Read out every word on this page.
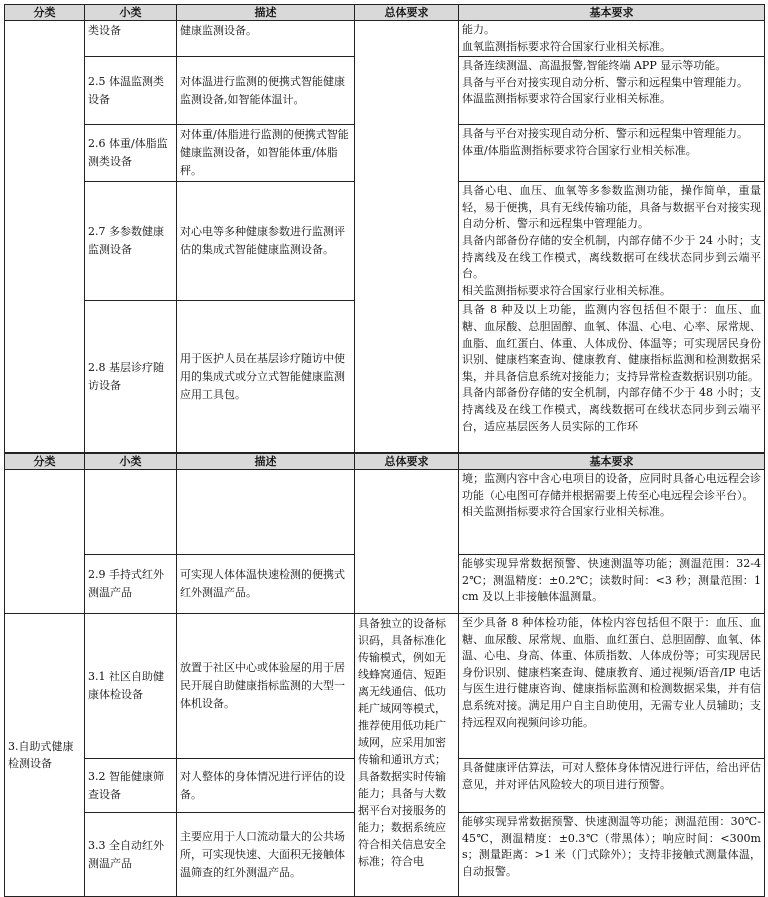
分类	小类	描述	总体要求	基本要求
	类设备	健康监测设备。		能力。
血氧监测指标要求符合国家行业相关标准。

	2.5 体温监测类设备	对体温进行监测的便携式智能健康监测设备,如智能体温计。		具备连续测温、高温报警,智能终端 APP 显示等功能。
具备与平台对接实现自动分析、警示和远程集中管理能力。
体温监测指标要求符合国家行业相关标准。

	2.6 体重/体脂监测类设备	对体重/体脂进行监测的便携式智能健康监测设备，如智能体重/体脂秤。		具备与平台对接实现自动分析、警示和远程集中管理能力。
体重/体脂监测指标要求符合国家行业相关标准。

	2.7 多参数健康监测设备	对心电等多种健康参数进行监测评估的集成式智能健康监测设备。		具备心电、血压、血氧等多参数监测功能，操作简单，重量轻，易于便携，具有无线传输功能，具备与数据平台对接实现自动分析、警示和远程集中管理能力。
具备内部备份存储的安全机制，内部存储不少于 24 小时；支持离线及在线工作模式，离线数据可在线状态同步到云端平台。
相关监测指标要求符合国家行业相关标准。

	2.8 基层诊疗随访设备	用于医护人员在基层诊疗随访中使用的集成式或分立式智能健康监测应用工具包。		具备 8 种及以上功能，监测内容包括但不限于：血压、血糖、血尿酸、总胆固醇、血氧、体温、心电、心率、尿常规、血脂、血红蛋白、体重、人体成份、体温等；可实现居民身份识别、健康档案查询、健康教育、健康指标监测和检测数据采集，并具备信息系统对接能力；支持异常检查数据识别功能。
具备内部备份存储的安全机制，内部存储不少于 48 小时；支持离线及在线工作模式，离线数据可在线状态同步到云端平台，适应基层医务人员实际的工作环
分类	小类	描述	总体要求	基本要求

				境；监测内容中含心电项目的设备，应同时具备心电远程会诊功能（心电图可存储并根据需要上传至心电远程会诊平台）。
相关监测指标要求符合国家行业相关标准。

	2.9 手持式红外测温产品	可实现人体体温快速检测的便携式红外测温产品。		能够实现异常数据预警、快速测温等功能；测温范围：32-42℃；测温精度：±0.2℃；读数时间：<3 秒；测量范围：1cm 及以上非接触体温测量。

3.自助式健康检测设备	3.1 社区自助健康体检设备	放置于社区中心或体验屋的用于居民开展自助健康指标监测的大型一体机设备。	具备独立的设备标识码，具备标准化传输模式，例如无线蜂窝通信、短距离无线通信、低功耗广域网等模式，推荐使用低功耗广域网，应采用加密传输和通讯方式；具备数据实时传输能力；具备与大数据平台对接服务的能力；数据系统应符合相关信息安全标准；符合电	至少具备 8 种体检功能，体检内容包括但不限于：血压、血糖、血尿酸、尿常规、血脂、血红蛋白、总胆固醇、血氧、体温、心电、身高、体重、体质指数、人体成份等；可实现居民身份识别、健康档案查询、健康教育、通过视频/语音/IP 电话与医生进行健康咨询、健康指标监测和检测数据采集，并有信息系统对接。满足用户自主自助使用，无需专业人员辅助；支持远程双向视频问诊功能。

	3.2 智能健康筛查设备	对人整体的身体情况进行评估的设备。		具备健康评估算法，可对人整体身体情况进行评估，给出评估意见，并对评估风险较大的项目进行预警。

	3.3 全自动红外测温产品	主要应用于人口流动量大的公共场所，可实现快速、大面积无接触体温筛查的红外测温产品。		能够实现异常数据预警、快速测温等功能；测温范围：30℃-45℃，测温精度：±0.3℃（带黑体）；响应时间：<300ms；测量距离：>1 米（门式除外）；支持非接触式测量体温，自动报警。
